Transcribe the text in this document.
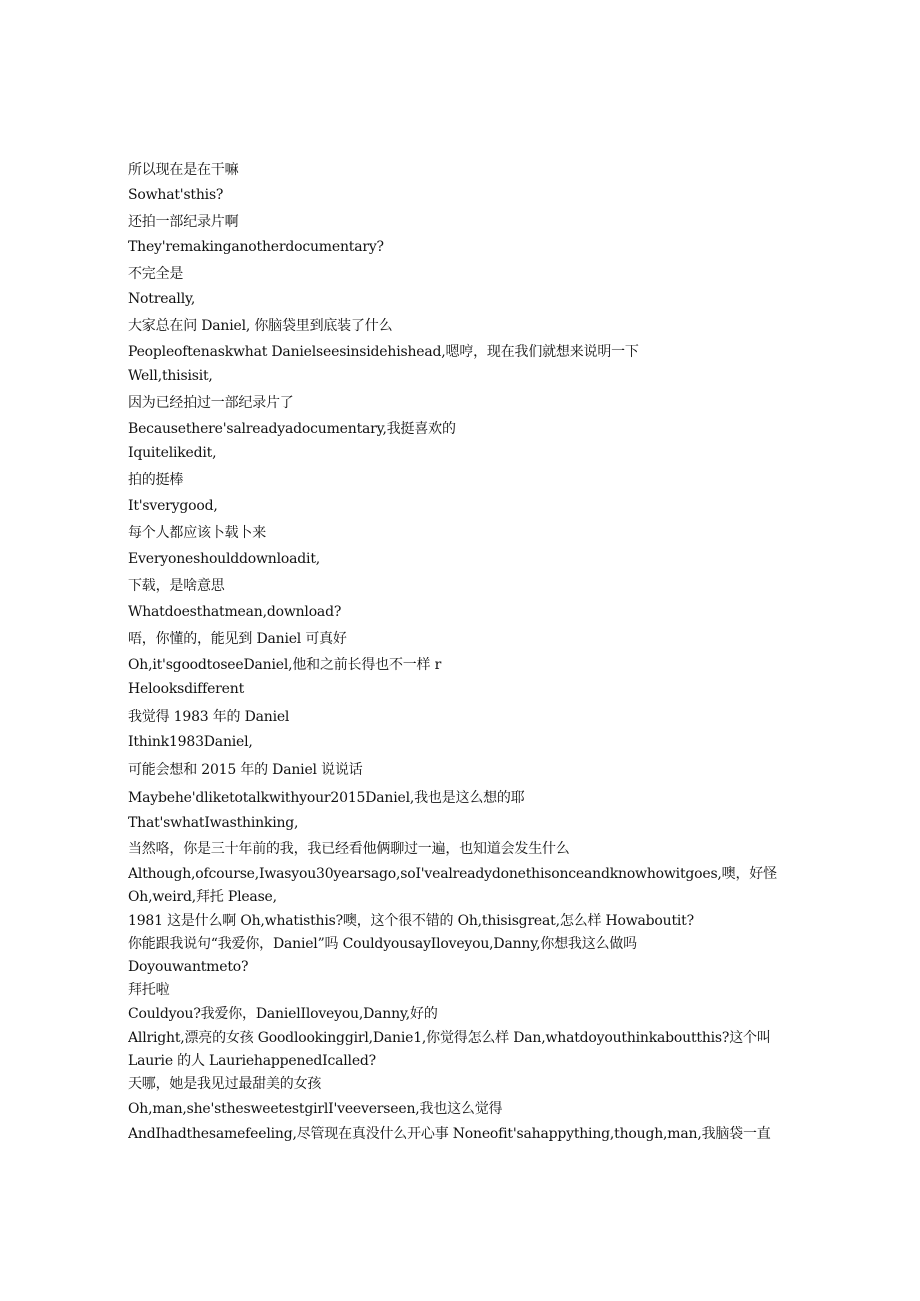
所以现在是在干嘛
Sowhat'sthis?
还拍一部纪录片啊
They'remakinganotherdocumentary?
不完全是
Notreally,
大家总在问 Daniel, 你脑袋里到底装了什么
Peopleoftenaskwhat Danielseesinsidehishead,嗯哼，现在我们就想来说明一下
Well,thisisit,
因为已经拍过一部纪录片了
Becausethere'salreadyadocumentary,我挺喜欢的
Iquitelikedit,
拍的挺棒
It'sverygood,
每个人都应该卜载卜来
Everyoneshoulddownloadit,
下载，是啥意思
Whatdoesthatmean,download?
唔，你懂的，能见到 Daniel 可真好
Oh,it'sgoodtoseeDaniel,他和之前长得也不一样 r
Helooksdifferent
我觉得 1983 年的 Daniel
Ithink1983Daniel,
可能会想和 2015 年的 Daniel 说说话
Maybehe'dliketotalkwithyour2015Daniel,我也是这么想的耶
That'swhatIwasthinking,
当然咯，你是三十年前的我，我已经看他俩聊过一遍，也知道会发生什么
Although,ofcourse,Iwasyou30yearsago,soI'vealreadydonethisonceandknowhowitgoes,噢，好怪
Oh,weird,拜托 Please,
1981 这是什么啊 Oh,whatisthis?噢，这个很不错的 Oh,thisisgreat,怎么样 Howaboutit?
你能跟我说句“我爱你，Daniel”吗 CouldyousayIloveyou,Danny,你想我这么做吗
Doyouwantmeto?
拜托啦
Couldyou?我爱你，DanielIloveyou,Danny,好的
Allright,漂亮的女孩 Goodlookinggirl,Danie1,你觉得怎么样 Dan,whatdoyouthinkaboutthis?这个叫
Laurie 的人 LauriehappenedIcalled?
天哪，她是我见过最甜美的女孩
Oh,man,she'sthesweetestgirlI'veeverseen,我也这么觉得
AndIhadthesamefeeling,尽管现在真没什么开心事 Noneofit'sahappything,though,man,我脑袋一直
